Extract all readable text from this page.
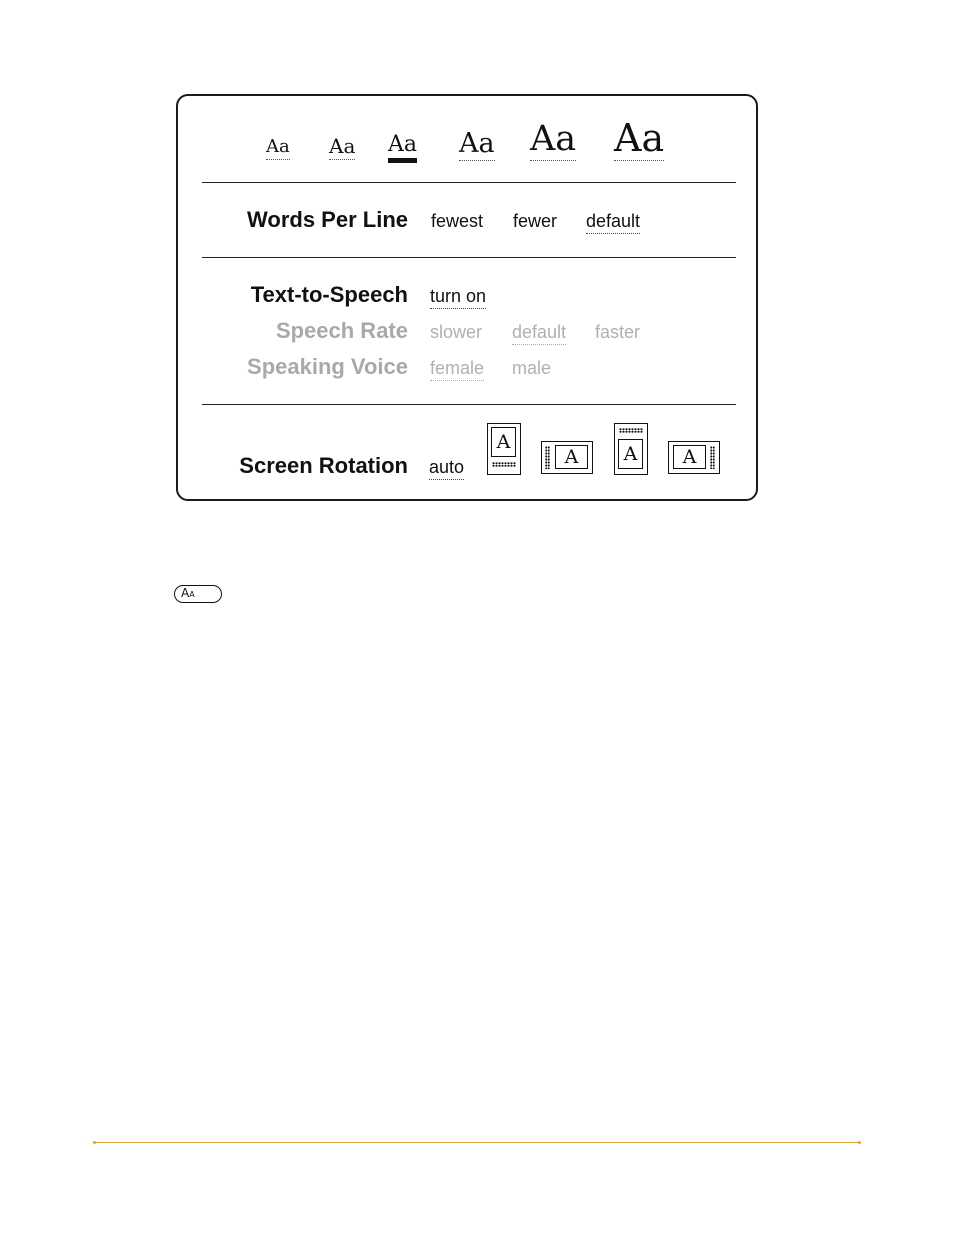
Aa Aa Aa Aa Aa Aa
Words Per Line fewest fewer default
Text-to-Speech turn on
Speech Rate slower default faster
Speaking Voice female male
Screen Rotation auto
A
A	A	A
AA
